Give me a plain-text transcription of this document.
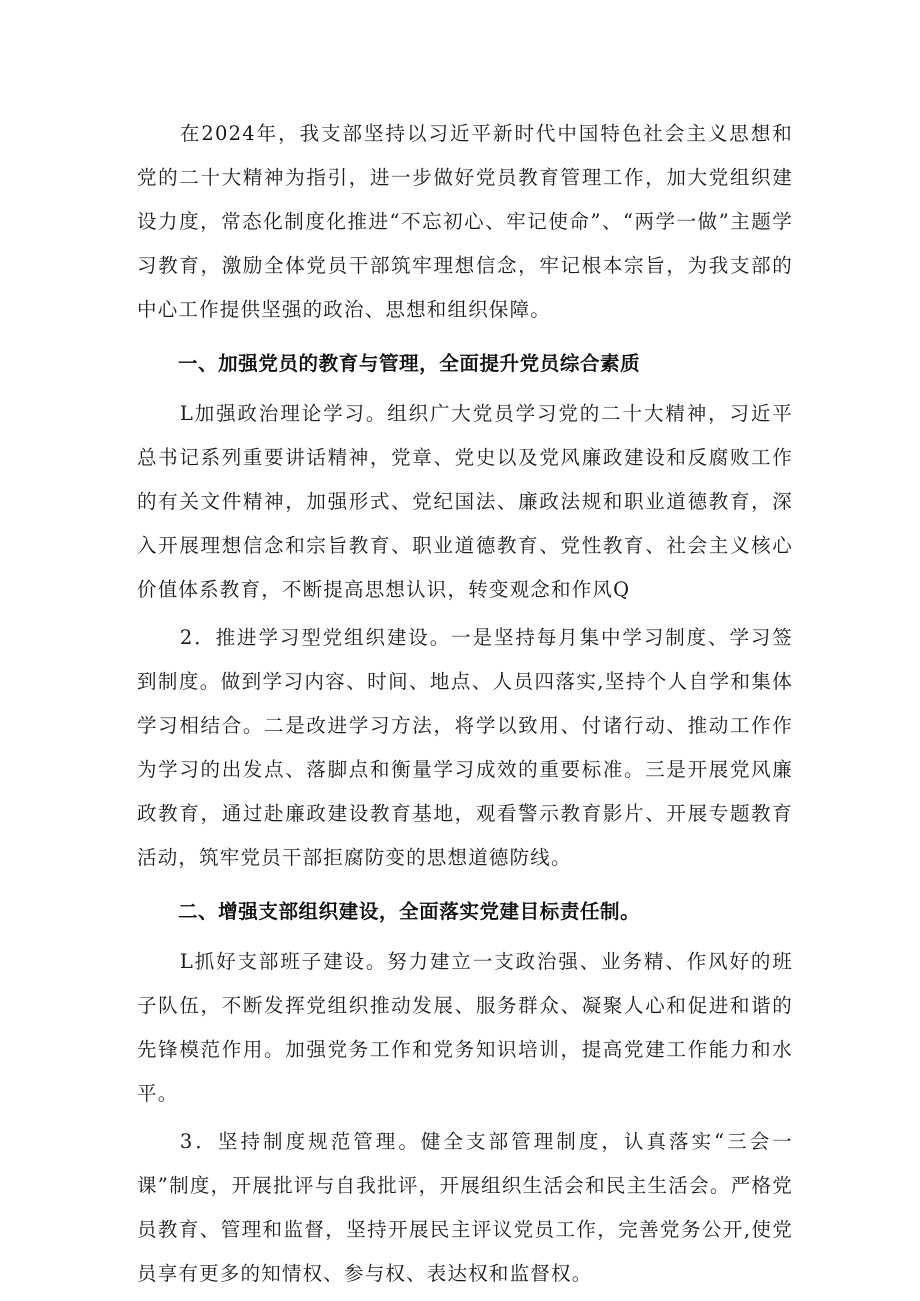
在2024年，我支部坚持以习近平新时代中国特色社会主义思想和党的二十大精神为指引，进一步做好党员教育管理工作，加大党组织建设力度，常态化制度化推进“不忘初心、牢记使命”、“两学一做”主题学习教育，激励全体党员干部筑牢理想信念，牢记根本宗旨，为我支部的中心工作提供坚强的政治、思想和组织保障。

一、加强党员的教育与管理，全面提升党员综合素质

L加强政治理论学习。组织广大党员学习党的二十大精神，习近平总书记系列重要讲话精神，党章、党史以及党风廉政建设和反腐败工作的有关文件精神，加强形式、党纪国法、廉政法规和职业道德教育，深入开展理想信念和宗旨教育、职业道德教育、党性教育、社会主义核心价值体系教育，不断提高思想认识，转变观念和作风Q

2．推进学习型党组织建设。一是坚持每月集中学习制度、学习签到制度。做到学习内容、时间、地点、人员四落实,坚持个人自学和集体学习相结合。二是改进学习方法，将学以致用、付诸行动、推动工作作为学习的出发点、落脚点和衡量学习成效的重要标准。三是开展党风廉政教育，通过赴廉政建设教育基地，观看警示教育影片、开展专题教育活动，筑牢党员干部拒腐防变的思想道德防线。

二、增强支部组织建设，全面落实党建目标责任制。

L抓好支部班子建设。努力建立一支政治强、业务精、作风好的班子队伍，不断发挥党组织推动发展、服务群众、凝聚人心和促进和谐的先锋模范作用。加强党务工作和党务知识培训，提高党建工作能力和水平。

3．坚持制度规范管理。健全支部管理制度，认真落实“三会一课”制度，开展批评与自我批评，开展组织生活会和民主生活会。严格党员教育、管理和监督，坚持开展民主评议党员工作，完善党务公开,使党员享有更多的知情权、参与权、表达权和监督权。
